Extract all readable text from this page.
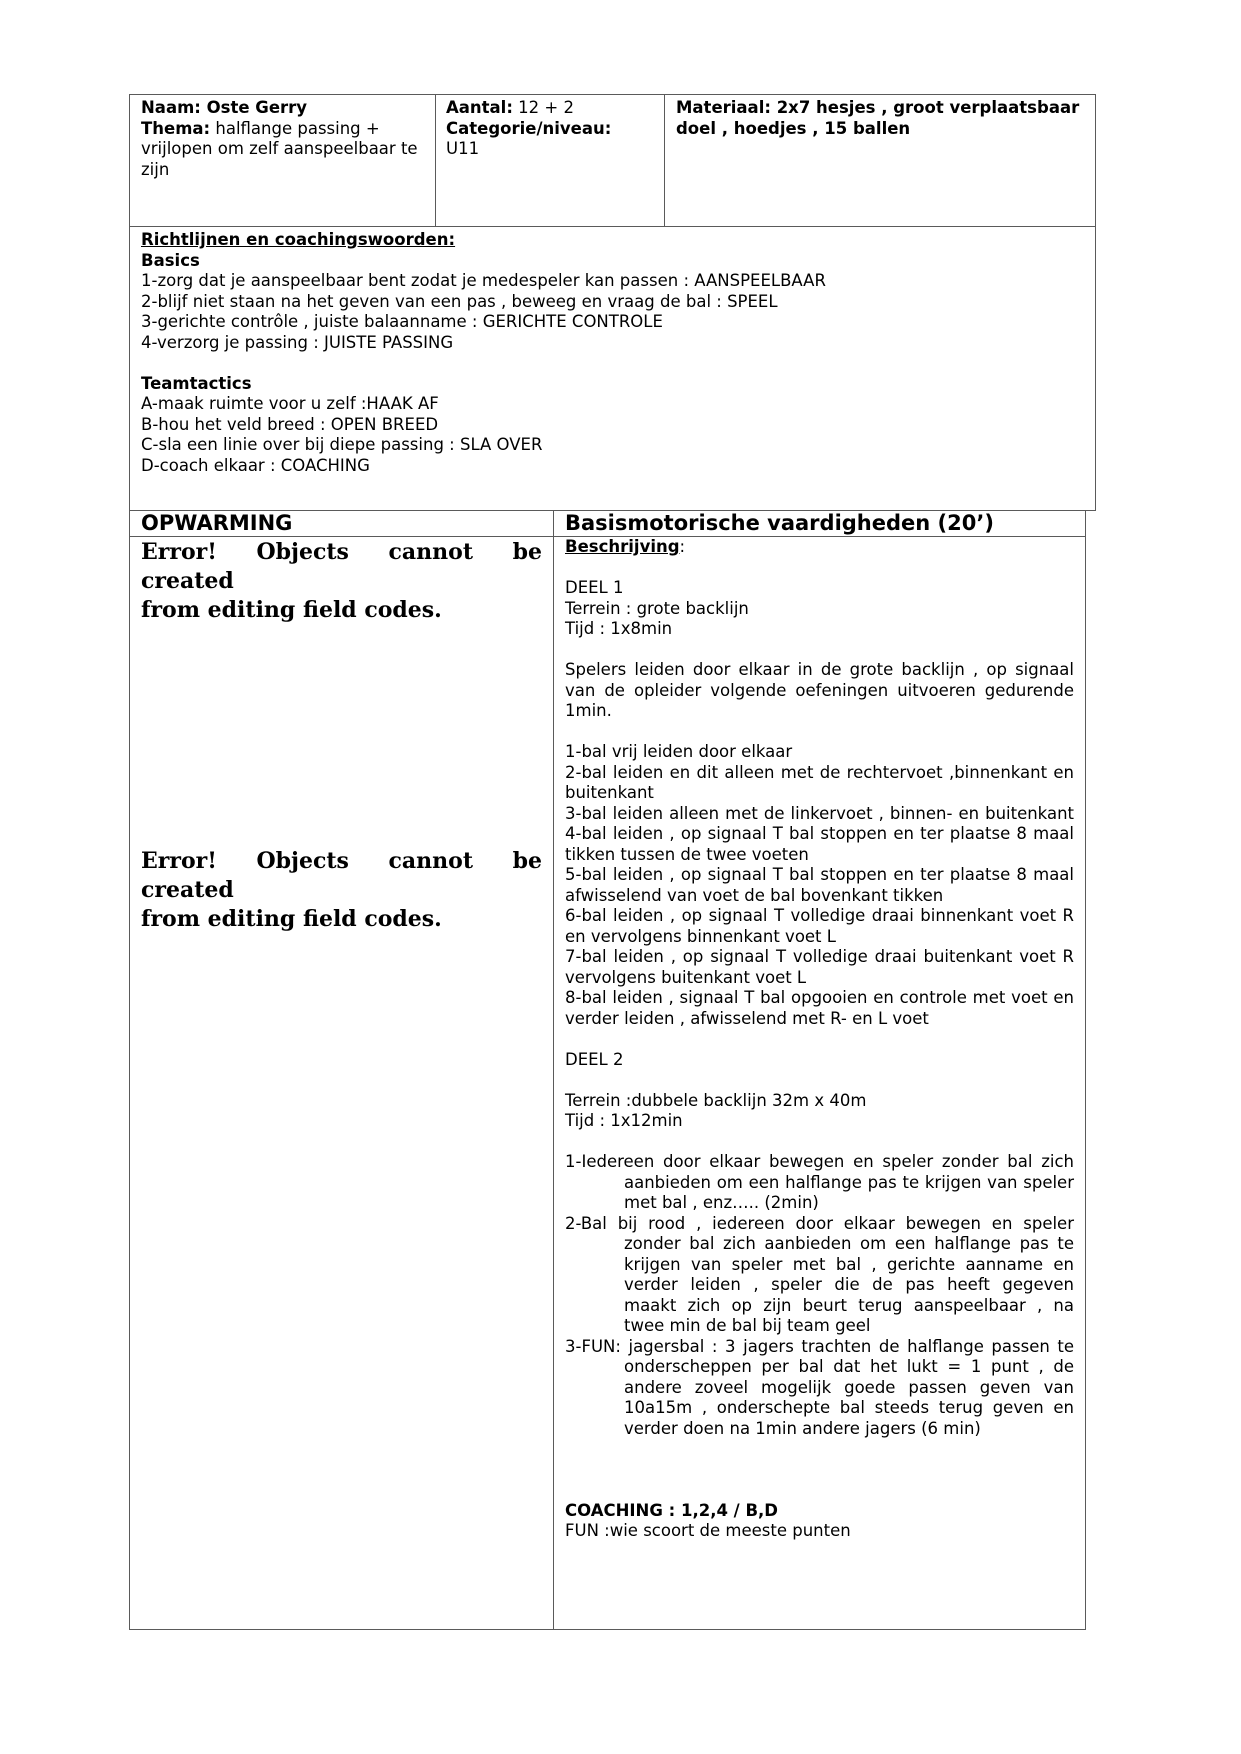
Naam: Oste Gerry
Thema: halflange passing +
vrijlopen om zelf aanspeelbaar te
zijn
Aantal: 12 + 2
Categorie/niveau:
U11
Materiaal: 2x7 hesjes , groot verplaatsbaar
doel , hoedjes , 15 ballen
Richtlijnen en coachingswoorden:
Basics
1-zorg dat je aanspeelbaar bent zodat je medespeler kan passen : AANSPEELBAAR
2-blijf niet staan na het geven van een pas , beweeg en vraag de bal : SPEEL
3-gerichte contrôle , juiste balaanname : GERICHTE CONTROLE
4-verzorg je passing : JUISTE PASSING
Teamtactics
A-maak ruimte voor u zelf :HAAK AF
B-hou het veld breed : OPEN BREED
C-sla een linie over bij diepe passing : SLA OVER
D-coach elkaar : COACHING
OPWARMING	Basismotorische vaardigheden (20’)
Error! Objects cannot be created
from editing field codes.
Error! Objects cannot be created
from editing field codes.
Beschrijving:
DEEL 1
Terrein : grote backlijn
Tijd : 1x8min
Spelers leiden door elkaar in de grote backlijn , op signaal
van de opleider volgende oefeningen uitvoeren gedurende
1min.
1-bal vrij leiden door elkaar
2-bal leiden en dit alleen met de rechtervoet ,binnenkant en
buitenkant
3-bal leiden alleen met de linkervoet , binnen- en buitenkant
4-bal leiden , op signaal T bal stoppen en ter plaatse 8 maal
tikken tussen de twee voeten
5-bal leiden , op signaal T bal stoppen en ter plaatse 8 maal
afwisselend van voet de bal bovenkant tikken
6-bal leiden , op signaal T volledige draai binnenkant voet R
en vervolgens binnenkant voet L
7-bal leiden , op signaal T volledige draai buitenkant voet R
vervolgens buitenkant voet L
8-bal leiden , signaal T bal opgooien en controle met voet en
verder leiden , afwisselend met R- en L voet
DEEL 2
Terrein :dubbele backlijn 32m x 40m
Tijd : 1x12min
1-Iedereen door elkaar bewegen en speler zonder bal zich
aanbieden om een halflange pas te krijgen van speler
met bal , enz….. (2min)
2-Bal bij rood , iedereen door elkaar bewegen en speler
zonder bal zich aanbieden om een halflange pas te
krijgen van speler met bal , gerichte aanname en
verder leiden , speler die de pas heeft gegeven
maakt zich op zijn beurt terug aanspeelbaar , na
twee min de bal bij team geel
3-FUN: jagersbal : 3 jagers trachten de halflange passen te
onderscheppen per bal dat het lukt = 1 punt , de
andere zoveel mogelijk goede passen geven van
10a15m , onderschepte bal steeds terug geven en
verder doen na 1min andere jagers (6 min)
COACHING : 1,2,4 / B,D
FUN :wie scoort de meeste punten
